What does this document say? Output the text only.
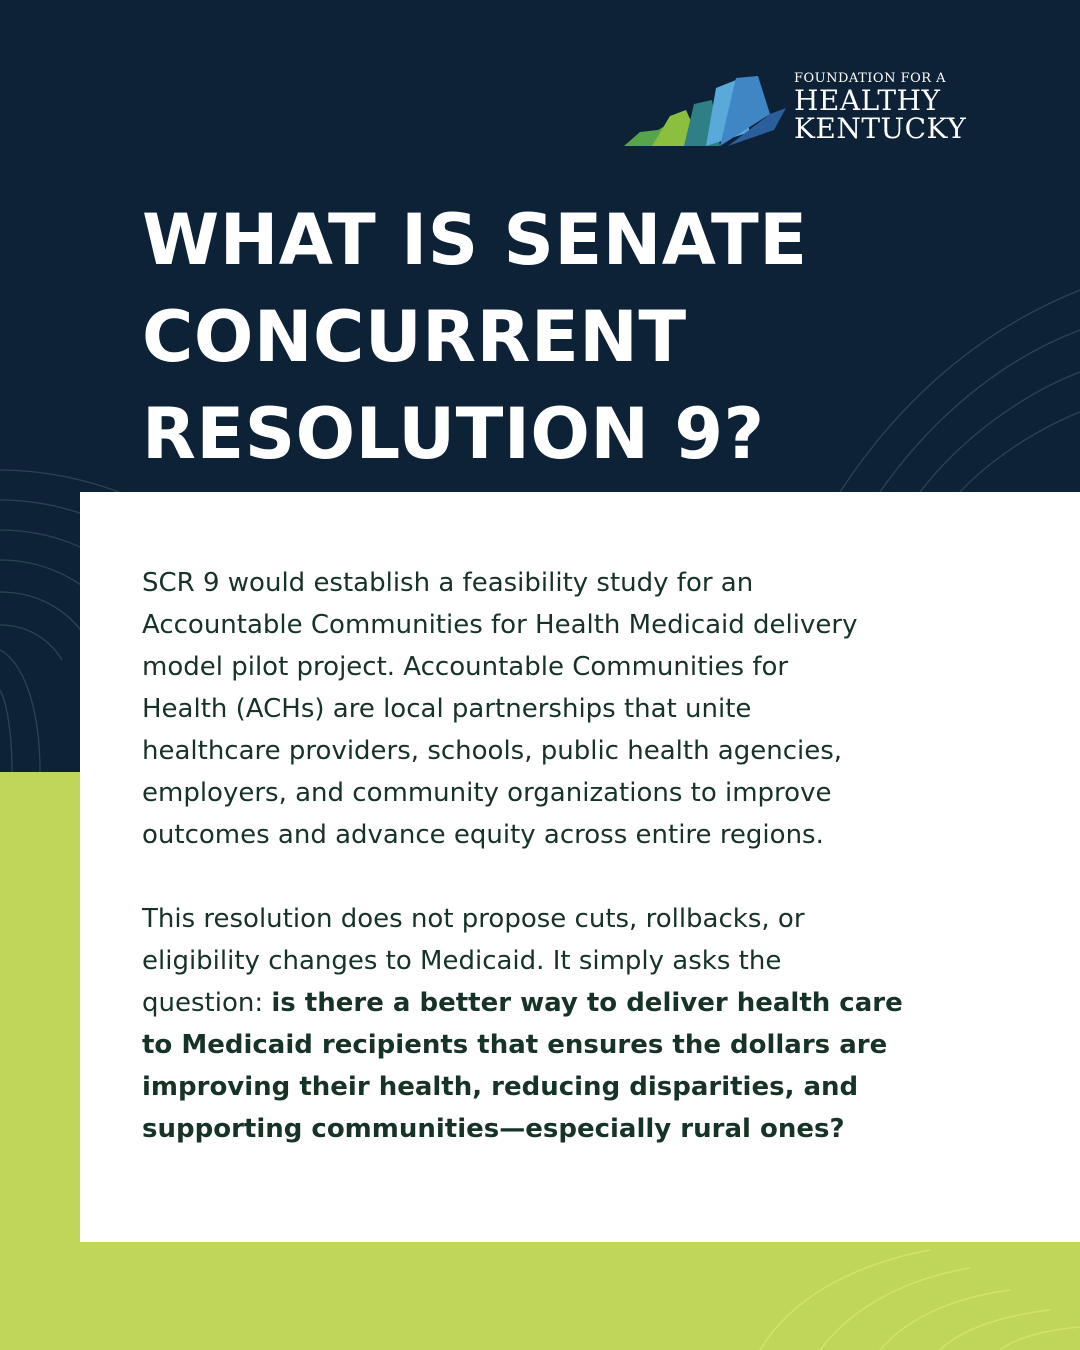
FOUNDATION FOR A
HEALTHY
KENTUCKY
WHAT IS SENATE
CONCURRENT
RESOLUTION 9?
SCR 9 would establish a feasibility study for an
Accountable Communities for Health Medicaid delivery
model pilot project. Accountable Communities for
Health (ACHs) are local partnerships that unite
healthcare providers, schools, public health agencies,
employers, and community organizations to improve
outcomes and advance equity across entire regions.
This resolution does not propose cuts, rollbacks, or
eligibility changes to Medicaid. It simply asks the
question: is there a better way to deliver health care
to Medicaid recipients that ensures the dollars are
improving their health, reducing disparities, and
supporting communities—especially rural ones?
